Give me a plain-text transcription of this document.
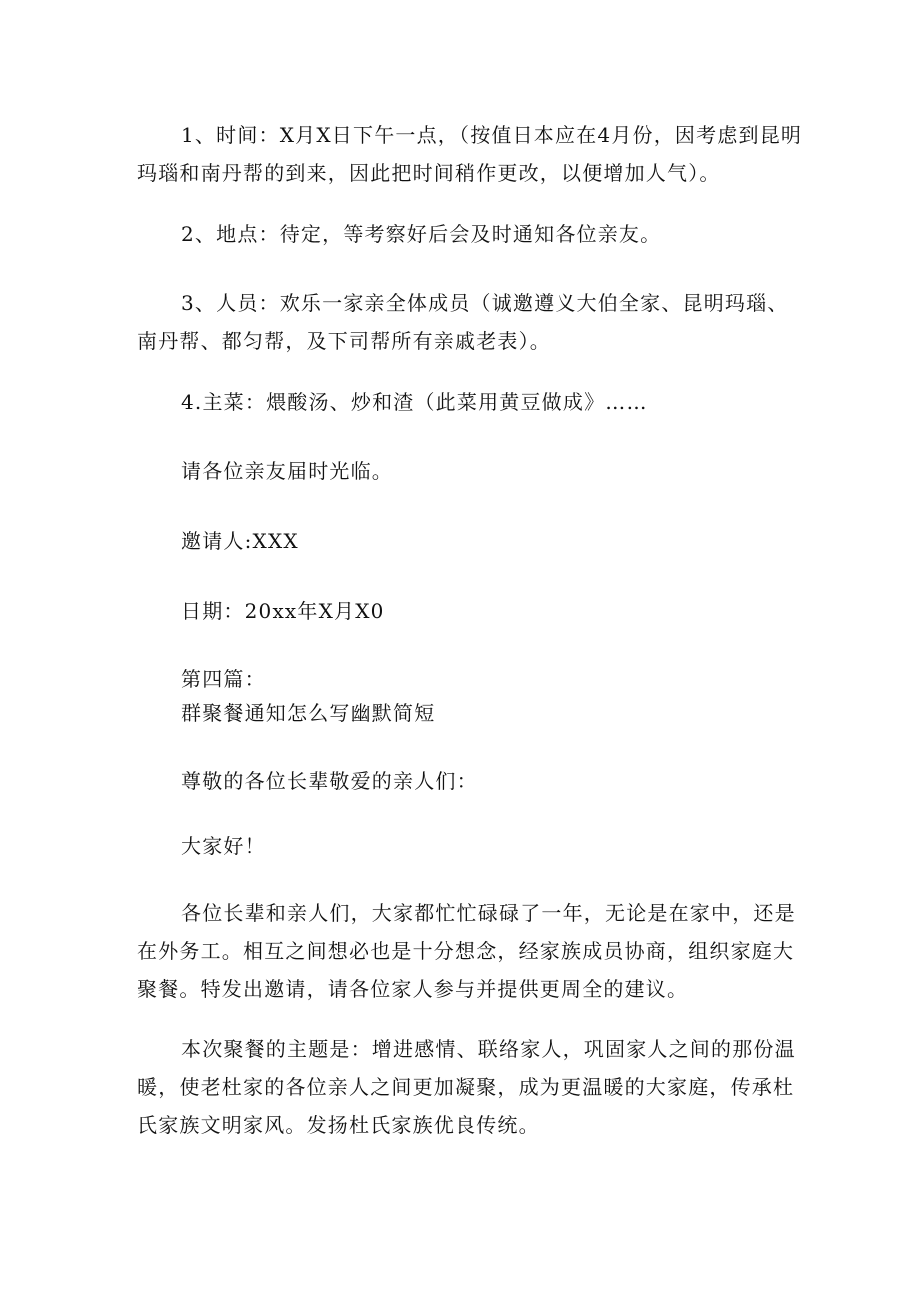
1、时间：X月X日下午一点，（按值日本应在4月份，因考虑到昆明玛瑙和南丹帮的到来，因此把时间稍作更改，以便增加人气）。

2、地点：待定，等考察好后会及时通知各位亲友。

3、人员：欢乐一家亲全体成员（诚邀遵义大伯全家、昆明玛瑙、南丹帮、都匀帮，及下司帮所有亲戚老表）。

4.主菜：煨酸汤、炒和渣（此菜用黄豆做成》……

请各位亲友届时光临。

邀请人:XXX

日期：20xx年X月X0

第四篇：

群聚餐通知怎么写幽默简短

尊敬的各位长辈敬爱的亲人们：

大家好！

各位长辈和亲人们，大家都忙忙碌碌了一年，无论是在家中，还是在外务工。相互之间想必也是十分想念，经家族成员协商，组织家庭大聚餐。特发出邀请，请各位家人参与并提供更周全的建议。

本次聚餐的主题是：增进感情、联络家人，巩固家人之间的那份温暖，使老杜家的各位亲人之间更加凝聚，成为更温暖的大家庭，传承杜氏家族文明家风。发扬杜氏家族优良传统。
